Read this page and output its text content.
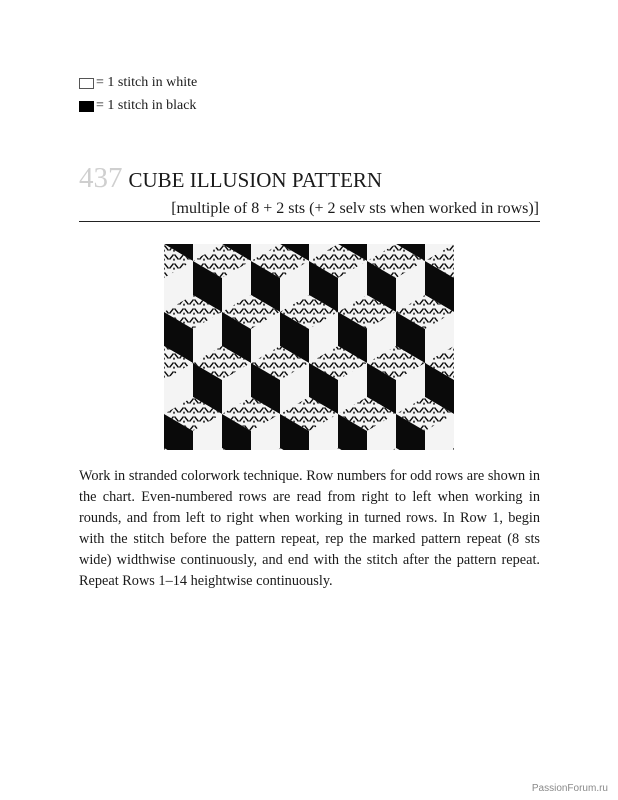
= 1 stitch in white
= 1 stitch in black
437 CUBE ILLUSION PATTERN
[multiple of 8 + 2 sts (+ 2 selv sts when worked in rows)]
Work in stranded colorwork technique. Row numbers for odd rows are shown in the chart. Even-numbered rows are read from right to left when working in rounds, and from left to right when working in turned rows. In Row 1, begin with the stitch before the pattern repeat, rep the marked pattern repeat (8 sts wide) widthwise continuously, and end with the stitch after the pattern repeat. Repeat Rows 1–14 heightwise continuously.
PassionForum.ru
